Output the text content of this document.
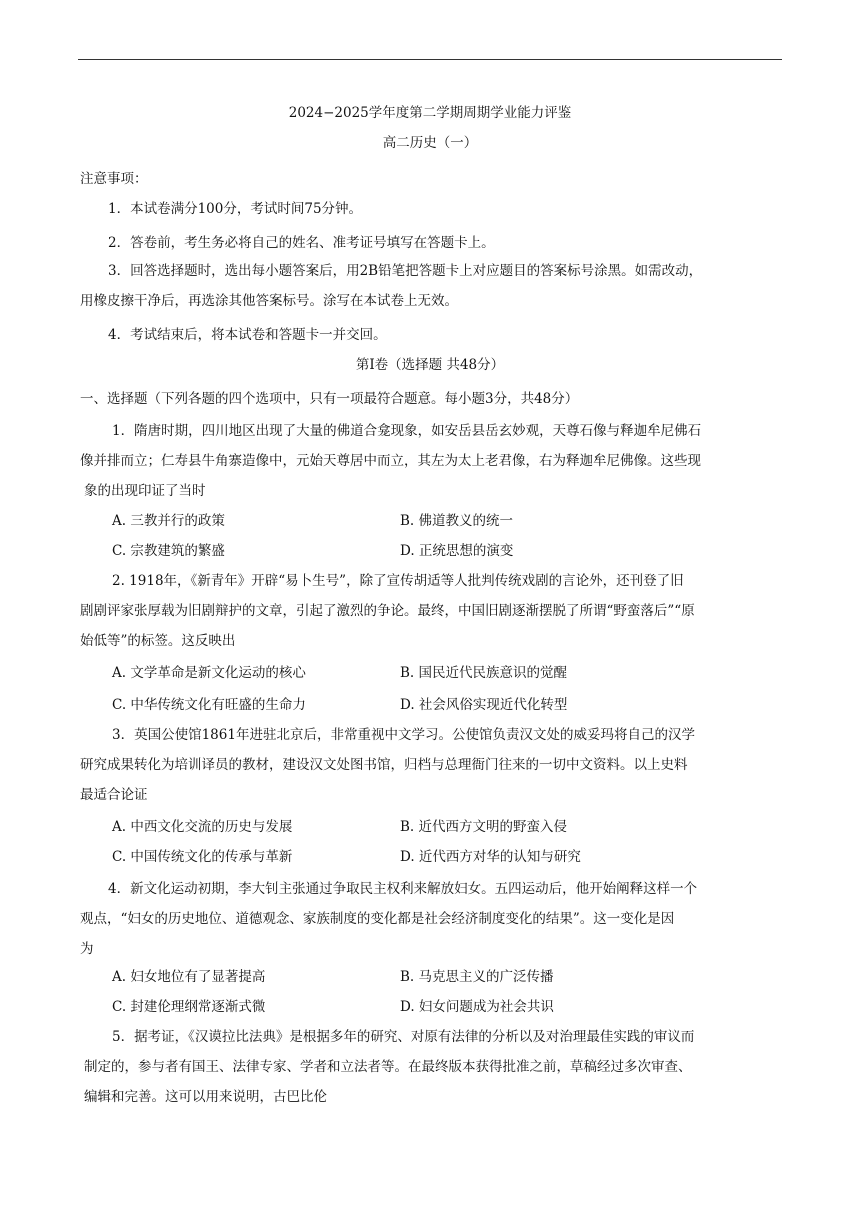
2024−2025学年度第二学期周期学业能力评鉴
高二历史（一）
注意事项：
1．本试卷满分100分，考试时间75分钟。
2．答卷前，考生务必将自己的姓名、准考证号填写在答题卡上。
3．回答选择题时，选出每小题答案后，用2B铅笔把答题卡上对应题目的答案标号涂黑。如需改动，
用橡皮擦干净后，再选涂其他答案标号。涂写在本试卷上无效。
4．考试结束后，将本试卷和答题卡一并交回。
第I卷（选择题 共48分）
一、选择题（下列各题的四个选项中，只有一项最符合题意。每小题3分，共48分）
1．隋唐时期，四川地区出现了大量的佛道合龛现象，如安岳县岳玄妙观，天尊石像与释迦牟尼佛石
像并排而立；仁寿县牛角寨造像中，元始天尊居中而立，其左为太上老君像，右为释迦牟尼佛像。这些现
象的出现印证了当时
A. 三教并行的政策	B. 佛道教义的统一
C. 宗教建筑的繁盛	D. 正统思想的演变
2. 1918年，《新青年》开辟“易卜生号”，除了宣传胡适等人批判传统戏剧的言论外，还刊登了旧
剧剧评家张厚载为旧剧辩护的文章，引起了激烈的争论。最终，中国旧剧逐渐摆脱了所谓“野蛮落后”“原
始低等”的标签。这反映出
A. 文学革命是新文化运动的核心	B. 国民近代民族意识的觉醒
C. 中华传统文化有旺盛的生命力	D. 社会风俗实现近代化转型
3．英国公使馆1861年进驻北京后，非常重视中文学习。公使馆负责汉文处的威妥玛将自己的汉学
研究成果转化为培训译员的教材，建设汉文处图书馆，归档与总理衙门往来的一切中文资料。以上史料
最适合论证
A. 中西文化交流的历史与发展	B. 近代西方文明的野蛮入侵
C. 中国传统文化的传承与革新	D. 近代西方对华的认知与研究
4．新文化运动初期，李大钊主张通过争取民主权利来解放妇女。五四运动后，他开始阐释这样一个
观点，“妇女的历史地位、道德观念、家族制度的变化都是社会经济制度变化的结果”。这一变化是因
为
A. 妇女地位有了显著提高	B. 马克思主义的广泛传播
C. 封建伦理纲常逐渐式微	D. 妇女问题成为社会共识
5．据考证，《汉谟拉比法典》是根据多年的研究、对原有法律的分析以及对治理最佳实践的审议而
制定的，参与者有国王、法律专家、学者和立法者等。在最终版本获得批准之前，草稿经过多次审查、
编辑和完善。这可以用来说明，古巴比伦
